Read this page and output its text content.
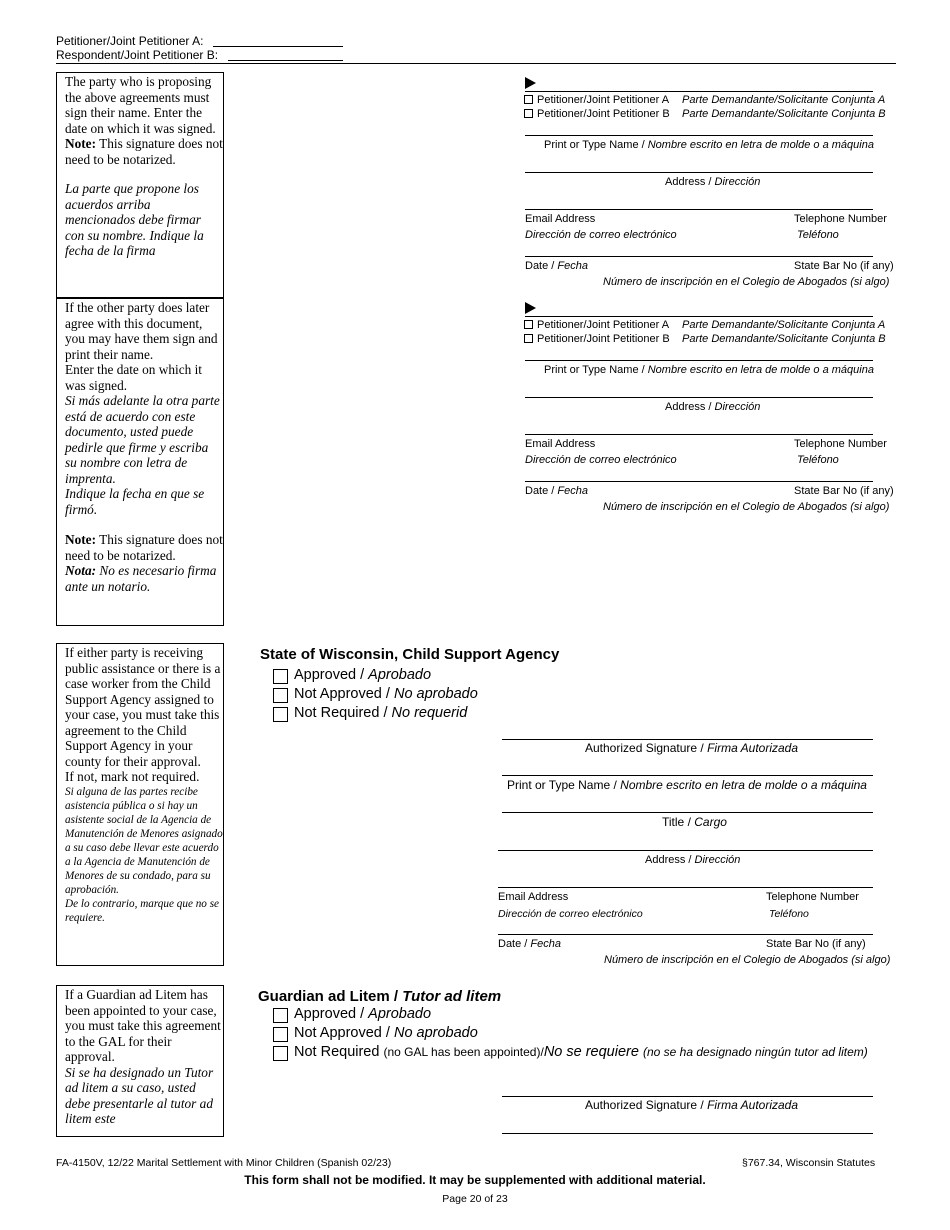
Petitioner/Joint Petitioner A:
Respondent/Joint Petitioner B:

The party who is proposing the above agreements must sign their name. Enter the date on which it was signed. Note: This signature does not need to be notarized.

La parte que propone los acuerdos arriba mencionados debe firmar con su nombre. Indique la fecha de la firma

If the other party does later agree with this document, you may have them sign and print their name.

Enter the date on which it was signed.

Si más adelante la otra parte está de acuerdo con este documento, usted puede pedirle que firme y escriba su nombre con letra de imprenta.

Indique la fecha en que se firmó.

Note: This signature does not need to be notarized.

Nota: No es necesario firma ante un notario.

If either party is receiving public assistance or there is a case worker from the Child Support Agency assigned to your case, you must take this agreement to the Child Support Agency in your county for their approval.

If not, mark not required.

Si alguna de las partes recibe asistencia pública o si hay un asistente social de la Agencia de Manutención de Menores asignado a su caso debe llevar este acuerdo a la Agencia de Manutención de Menores de su condado, para su aprobación.

De lo contrario, marque que no se requiere.

If a Guardian ad Litem has been appointed to your case, you must take this agreement to the GAL for their approval.

Si se ha designado un Tutor ad litem a su caso, usted debe presentarle al tutor ad litem este

Petitioner/Joint Petitioner A Parte Demandante/Solicitante Conjunta A
Petitioner/Joint Petitioner B Parte Demandante/Solicitante Conjunta B
Print or Type Name / Nombre escrito en letra de molde o a máquina
Address / Dirección
Email Address	Telephone Number
Dirección de correo electrónico	Teléfono
Date / Fecha	State Bar No (if any)
Número de inscripción en el Colegio de Abogados (si algo)
Petitioner/Joint Petitioner A Parte Demandante/Solicitante Conjunta A
Petitioner/Joint Petitioner B Parte Demandante/Solicitante Conjunta B
Print or Type Name / Nombre escrito en letra de molde o a máquina
Address / Dirección
Email Address	Telephone Number
Dirección de correo electrónico	Teléfono
Date / Fecha	State Bar No (if any)
Número de inscripción en el Colegio de Abogados (si algo)
State of Wisconsin, Child Support Agency
Approved / Aprobado
Not Approved / No aprobado
Not Required / No requerid
Authorized Signature / Firma Autorizada
Print or Type Name / Nombre escrito en letra de molde o a máquina
Title / Cargo
Address / Dirección
Email Address	Telephone Number
Dirección de correo electrónico	Teléfono
Date / Fecha	State Bar No (if any)
Número de inscripción en el Colegio de Abogados (si algo)
Guardian ad Litem / Tutor ad litem
Approved / Aprobado
Not Approved / No aprobado
Not Required (no GAL has been appointed)/No se requiere (no se ha designado ningún tutor ad litem)
Authorized Signature / Firma Autorizada
FA-4150V, 12/22 Marital Settlement with Minor Children (Spanish 02/23)	§767.34, Wisconsin Statutes
This form shall not be modified. It may be supplemented with additional material.
Page 20 of 23
